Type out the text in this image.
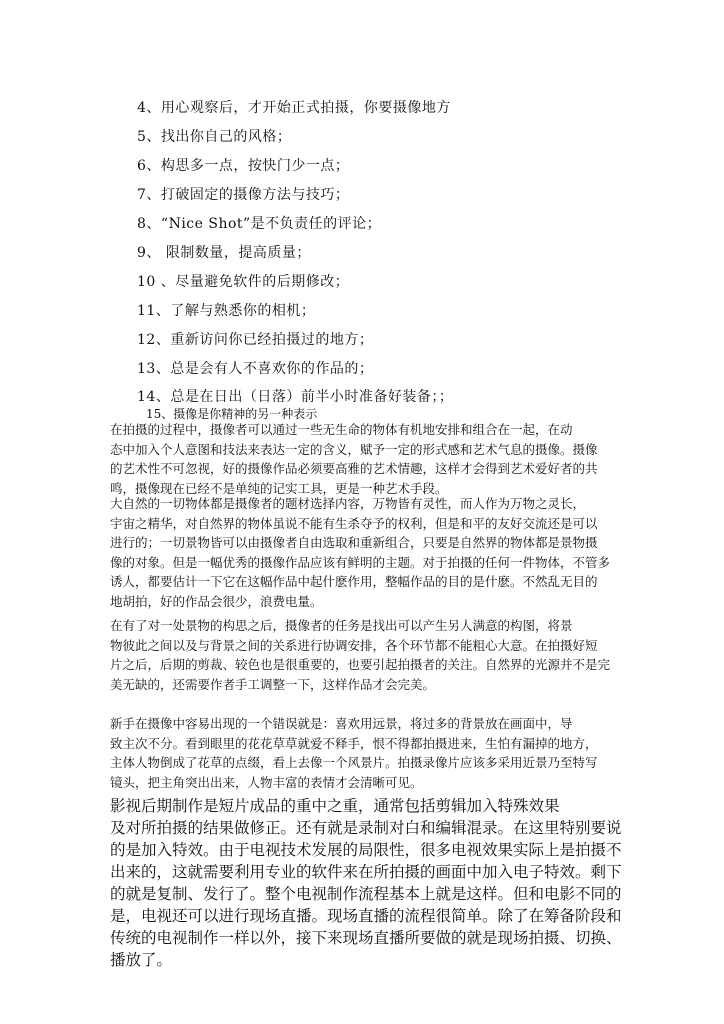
4、用心观察后，才开始正式拍摄，你要摄像地方
5、找出你自己的风格；
6、构思多一点，按快门少一点；
7、打破固定的摄像方法与技巧；
8、“Nice Shot”是不负责任的评论；
9、 限制数量，提高质量；
10 、尽量避免软件的后期修改；
11、了解与熟悉你的相机；
12、重新访问你已经拍摄过的地方；
13、总是会有人不喜欢你的作品的；
14、总是在日出（日落）前半小时准备好装备；；
15、摄像是你精神的另一种表示
在拍摄的过程中，摄像者可以通过一些无生命的物体有机地安排和组合在一起，在动
态中加入个人意图和技法来表达一定的含义，赋予一定的形式感和艺术气息的摄像。摄像
的艺术性不可忽视，好的摄像作品必须要高雅的艺术情趣，这样才会得到艺术爱好者的共
鸣，摄像现在已经不是单纯的记实工具，更是一种艺术手段。
大自然的一切物体都是摄像者的题材选择内容，万物皆有灵性，而人作为万物之灵长，
宇宙之精华，对自然界的物体虽说不能有生杀夺予的权利，但是和平的友好交流还是可以
进行的；一切景物皆可以由摄像者自由选取和重新组合，只要是自然界的物体都是景物摄
像的对象。但是一幅优秀的摄像作品应该有鲜明的主题。对于拍摄的任何一件物体，不管多
诱人，都要估计一下它在这幅作品中起什麽作用，整幅作品的目的是什麽。不然乱无目的
地胡拍，好的作品会很少，浪费电量。
在有了对一处景物的构思之后，摄像者的任务是找出可以产生另人满意的构图，将景
物彼此之间以及与背景之间的关系进行协调安排，各个环节都不能粗心大意。在拍摄好短
片之后，后期的剪裁、较色也是很重要的，也要引起拍摄者的关注。自然界的光源并不是完
美无缺的，还需要作者手工调整一下，这样作品才会完美。
新手在摄像中容易出现的一个错误就是：喜欢用远景，将过多的背景放在画面中，导
致主次不分。看到眼里的花花草草就爱不释手，恨不得都拍摄进来，生怕有漏掉的地方，
主体人物倒成了花草的点缀，看上去像一个风景片。拍摄录像片应该多采用近景乃至特写
镜头，把主角突出出来，人物丰富的表情才会清晰可见。
影视后期制作是短片成品的重中之重，通常包括剪辑加入特殊效果
及对所拍摄的结果做修正。还有就是录制对白和编辑混录。在这里特别要说
的是加入特效。由于电视技术发展的局限性，很多电视效果实际上是拍摄不
出来的，这就需要利用专业的软件来在所拍摄的画面中加入电子特效。剩下
的就是复制、发行了。整个电视制作流程基本上就是这样。但和电影不同的
是，电视还可以进行现场直播。现场直播的流程很简单。除了在筹备阶段和
传统的电视制作一样以外，接下来现场直播所要做的就是现场拍摄、切换、
播放了。
